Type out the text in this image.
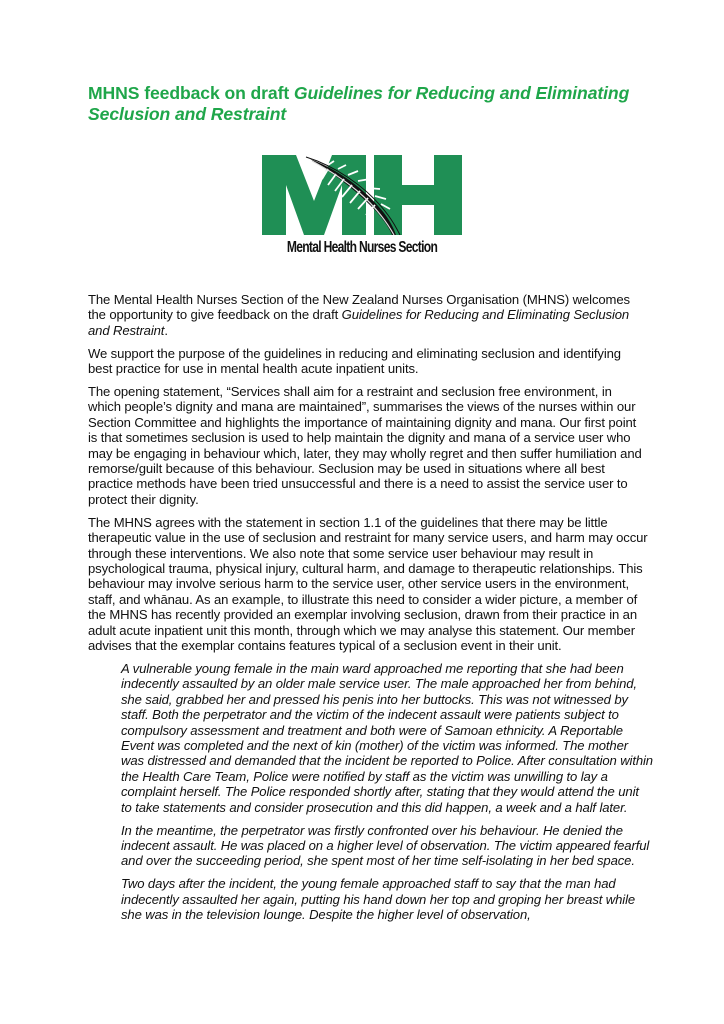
MHNS feedback on draft Guidelines for Reducing and Eliminating Seclusion and Restraint
Mental Health Nurses Section

The Mental Health Nurses Section of the New Zealand Nurses Organisation (MHNS) welcomes the opportunity to give feedback on the draft Guidelines for Reducing and Eliminating Seclusion and Restraint.

We support the purpose of the guidelines in reducing and eliminating seclusion and identifying best practice for use in mental health acute inpatient units.

The opening statement, “Services shall aim for a restraint and seclusion free environment, in which people’s dignity and mana are maintained”, summarises the views of the nurses within our Section Committee and highlights the importance of maintaining dignity and mana. Our first point is that sometimes seclusion is used to help maintain the dignity and mana of a service user who may be engaging in behaviour which, later, they may wholly regret and then suffer humiliation and remorse/guilt because of this behaviour. Seclusion may be used in situations where all best practice methods have been tried unsuccessful and there is a need to assist the service user to protect their dignity.

The MHNS agrees with the statement in section 1.1 of the guidelines that there may be little therapeutic value in the use of seclusion and restraint for many service users, and harm may occur through these interventions. We also note that some service user behaviour may result in psychological trauma, physical injury, cultural harm, and damage to therapeutic relationships. This behaviour may involve serious harm to the service user, other service users in the environment, staff, and whānau. As an example, to illustrate this need to consider a wider picture, a member of the MHNS has recently provided an exemplar involving seclusion, drawn from their practice in an adult acute inpatient unit this month, through which we may analyse this statement. Our member advises that the exemplar contains features typical of a seclusion event in their unit.

A vulnerable young female in the main ward approached me reporting that she had been indecently assaulted by an older male service user. The male approached her from behind, she said, grabbed her and pressed his penis into her buttocks. This was not witnessed by staff. Both the perpetrator and the victim of the indecent assault were patients subject to compulsory assessment and treatment and both were of Samoan ethnicity. A Reportable Event was completed and the next of kin (mother) of the victim was informed. The mother was distressed and demanded that the incident be reported to Police. After consultation within the Health Care Team, Police were notified by staff as the victim was unwilling to lay a complaint herself. The Police responded shortly after, stating that they would attend the unit to take statements and consider prosecution and this did happen, a week and a half later.

In the meantime, the perpetrator was firstly confronted over his behaviour. He denied the indecent assault. He was placed on a higher level of observation. The victim appeared fearful and over the succeeding period, she spent most of her time self-isolating in her bed space.

Two days after the incident, the young female approached staff to say that the man had indecently assaulted her again, putting his hand down her top and groping her breast while she was in the television lounge. Despite the higher level of observation,
